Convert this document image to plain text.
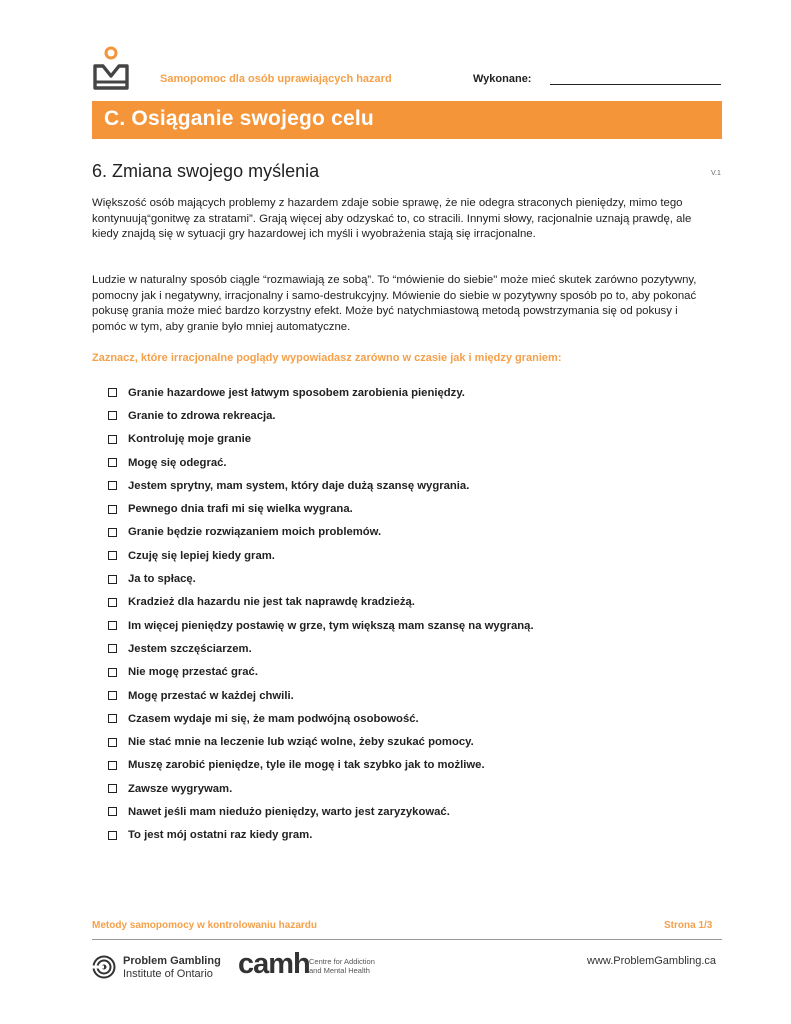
Samopomoc dla osób uprawiających hazard	Wykonane:
C. Osiąganie swojego celu
6. Zmiana swojego myślenia	V.1

Większość osób mających problemy z hazardem zdaje sobie sprawę, że nie odegra straconych pieniędzy, mimo tego kontynuują“gonitwę za stratami”. Grają więcej aby odzyskać to, co stracili. Innymi słowy, racjonalnie uznają prawdę, ale kiedy znajdą się w sytuacji gry hazardowej ich myśli i wyobrażenia stają się irracjonalne.

Ludzie w naturalny sposób ciągle “rozmawiają ze sobą”. To “mówienie do siebie" może mieć skutek zarówno pozytywny, pomocny jak i negatywny, irracjonalny i samo-destrukcyjny. Mówienie do siebie w pozytywny sposób po to, aby pokonać pokusę grania może mieć bardzo korzystny efekt. Może być natychmiastową metodą powstrzymania się od pokusy i pomóc w tym, aby granie było mniej automatyczne.

Zaznacz, które irracjonalne poglądy wypowiadasz zarówno w czasie jak i między graniem:
Granie hazardowe jest łatwym sposobem zarobienia pieniędzy.
Granie to zdrowa rekreacja.
Kontroluję moje granie
Mogę się odegrać.
Jestem sprytny, mam system, który daje dużą szansę wygrania.
Pewnego dnia trafi mi się wielka wygrana.
Granie będzie rozwiązaniem moich problemów.
Czuję się lepiej kiedy gram.
Ja to spłacę.
Kradzież dla hazardu nie jest tak naprawdę kradzieżą.
Im więcej pieniędzy postawię w grze, tym większą mam szansę na wygraną.
Jestem szczęściarzem.
Nie mogę przestać grać.
Mogę przestać w każdej chwili.
Czasem wydaje mi się, że mam podwójną osobowość.
Nie stać mnie na leczenie lub wziąć wolne, żeby szukać pomocy.
Muszę zarobić pieniędze, tyle ile mogę i tak szybko jak to możliwe.
Zawsze wygrywam.
Nawet jeśli mam niedużo pieniędzy, warto jest zaryzykować.
To jest mój ostatni raz kiedy gram.
Metody samopomocy w kontrolowaniu hazardu	Strona 1/3
Problem Gambling
Institute of Ontario camh Centre for Addiction
and Mental Health
www.ProblemGambling.ca
